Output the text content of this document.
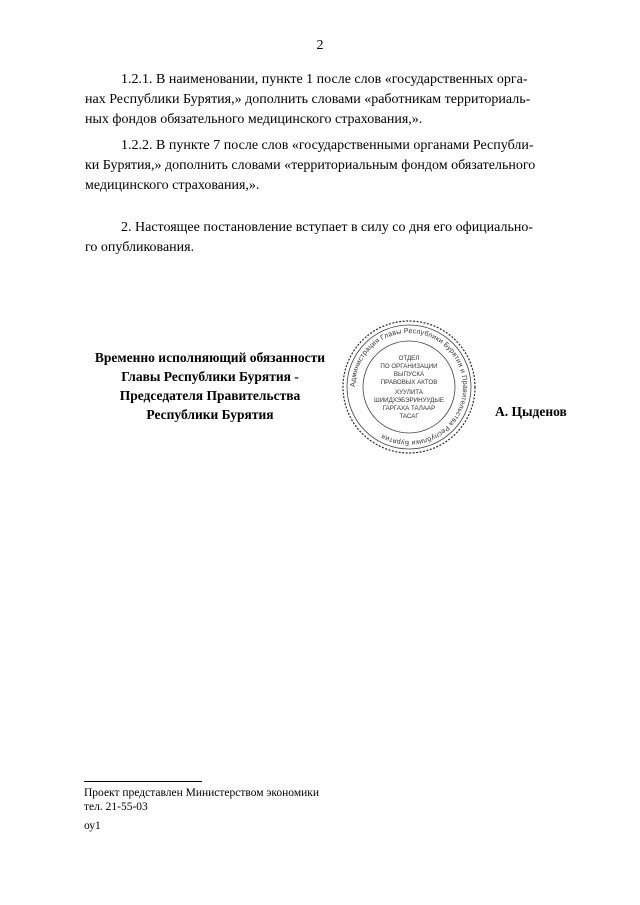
2

1.2.1. В наименовании, пункте 1 после слов «государственных орга-
нах Республики Бурятия,» дополнить словами «работникам территориаль-
ных фондов обязательного медицинского страхования,».

1.2.2. В пункте 7 после слов «государственными органами Республи-
ки Бурятия,» дополнить словами «территориальным фондом обязательного
медицинского страхования,».

2. Настоящее постановление вступает в силу со дня его официально-
го опубликования.

Временно исполняющий обязанности
Главы Республики Бурятия -
Председателя Правительства
Республики Бурятия
Администрация Главы Республики Бурятия и Правительства Республики Бурятия
ОТДЕЛ
ПО ОРГАНИЗАЦИИ
ВЫПУСКА
ПРАВОВЫХ АКТОВ
ХУУЛИТА
ШИИДХЭБЭРИНУУДЫЕ
ГАРГАХА ТАЛААР
ТАСАГ	А. Цыденов
Проект представлен Министерством экономики
тел. 21-55-03
оу1
